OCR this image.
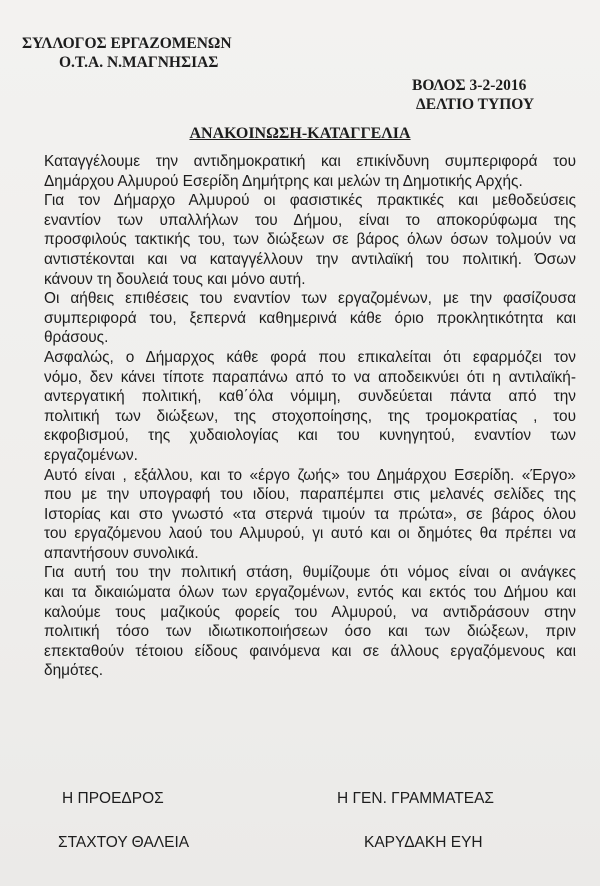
ΣΥΛΛΟΓΟΣ ΕΡΓΑΖΟΜΕΝΩΝ
Ο.Τ.Α. Ν.ΜΑΓΝΗΣΙΑΣ
ΒΟΛΟΣ 3-2-2016
ΔΕΛΤΙΟ ΤΥΠΟΥ
ΑΝΑΚΟΙΝΩΣΗ-ΚΑΤΑΓΓΕΛΙΑ
Καταγγέλουμε την αντιδημοκρατική και επικίνδυνη συμπεριφορά του
Δημάρχου Αλμυρού Εσερίδη Δημήτρης και μελών τη Δημοτικής Αρχής.
Για τον Δήμαρχο Αλμυρού οι φασιστικές πρακτικές και μεθοδεύσεις
εναντίον των υπαλλήλων του Δήμου, είναι το αποκορύφωμα της
προσφιλούς τακτικής του, των διώξεων σε βάρος όλων όσων τολμούν να
αντιστέκονται και να καταγγέλλουν την αντιλαϊκή του πολιτική. Όσων
κάνουν τη δουλειά τους και μόνο αυτή.
Οι αήθεις επιθέσεις του εναντίον των εργαζομένων, με την φασίζουσα
συμπεριφορά του, ξεπερνά καθημερινά κάθε όριο προκλητικότητα και
θράσους.
Ασφαλώς, ο Δήμαρχος κάθε φορά που επικαλείται ότι εφαρμόζει τον
νόμο, δεν κάνει τίποτε παραπάνω από το να αποδεικνύει ότι η αντιλαϊκή-
αντεργατική πολιτική, καθ΄όλα νόμιμη, συνδεύεται πάντα από την
πολιτική των διώξεων, της στοχοποίησης, της τρομοκρατίας , του
εκφοβισμού, της χυδαιολογίας και του κυνηγητού, εναντίον των
εργαζομένων.
Αυτό είναι , εξάλλου, και το «έργο ζωής» του Δημάρχου Εσερίδη. «Έργο»
που με την υπογραφή του ιδίου, παραπέμπει στις μελανές σελίδες της
Ιστορίας και στο γνωστό «τα στερνά τιμούν τα πρώτα», σε βάρος όλου
του εργαζόμενου λαού του Αλμυρού, γι αυτό και οι δημότες θα πρέπει να
απαντήσουν συνολικά.
Για αυτή του την πολιτική στάση, θυμίζουμε ότι νόμος είναι οι ανάγκες
και τα δικαιώματα όλων των εργαζομένων, εντός και εκτός του Δήμου και
καλούμε τους μαζικούς φορείς του Αλμυρού, να αντιδράσουν στην
πολιτική τόσο των ιδιωτικοποιήσεων όσο και των διώξεων, πριν
επεκταθούν τέτοιου είδους φαινόμενα και σε άλλους εργαζόμενους και
δημότες.
Η ΠΡΟΕΔΡΟΣ	Η ΓΕΝ. ΓΡΑΜΜΑΤΕΑΣ
ΣΤΑΧΤΟΥ ΘΑΛΕΙΑ	ΚΑΡΥΔΑΚΗ ΕΥΗ
